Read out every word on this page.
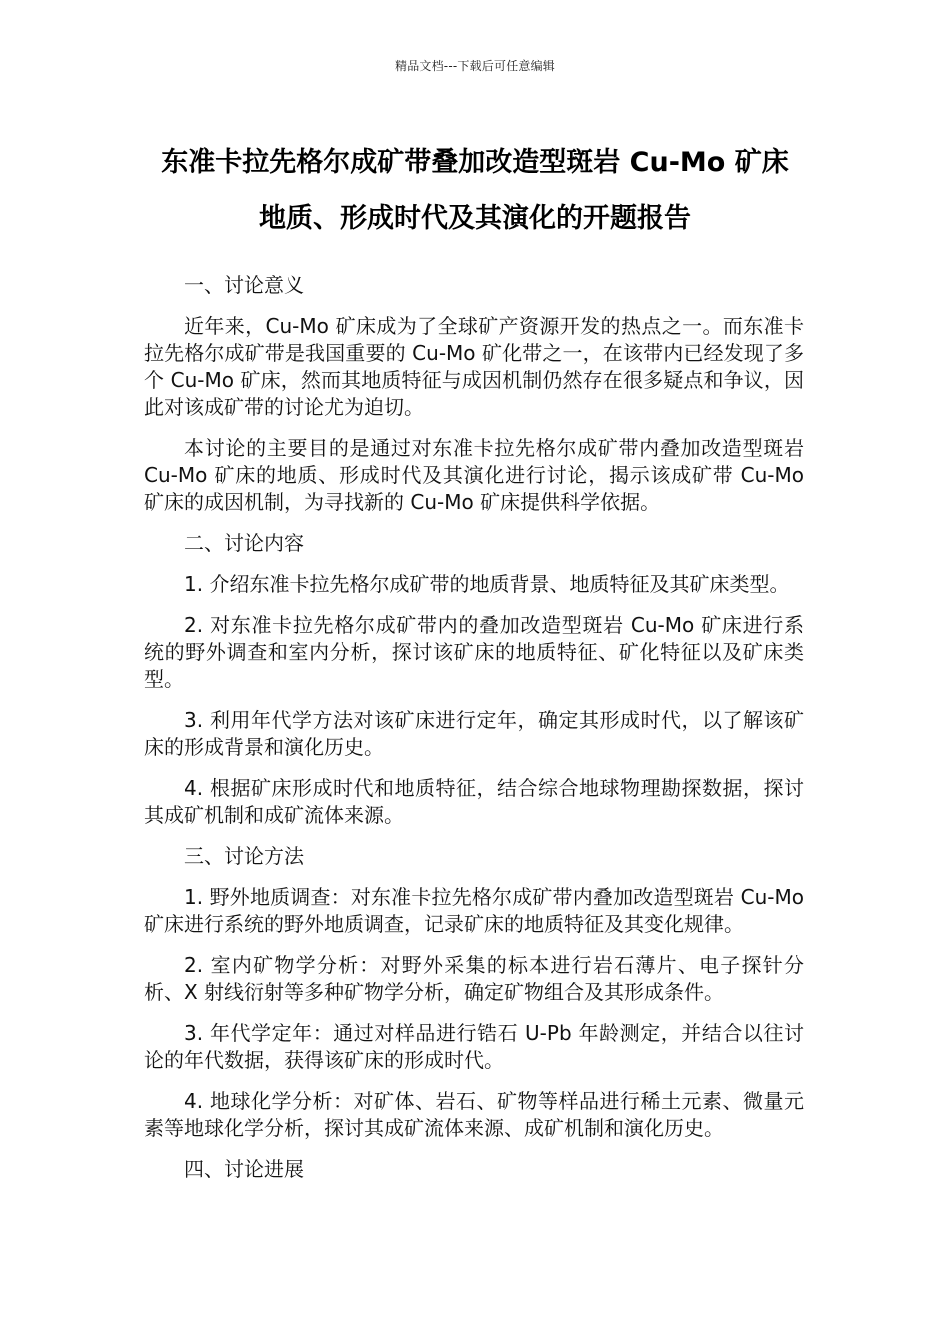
精品文档---下载后可任意编辑
东准卡拉先格尔成矿带叠加改造型斑岩 Cu-Mo 矿床
地质、形成时代及其演化的开题报告

一、讨论意义

近年来，Cu-Mo 矿床成为了全球矿产资源开发的热点之一。而东准卡拉先格尔成矿带是我国重要的 Cu-Mo 矿化带之一，在该带内已经发现了多个 Cu-Mo 矿床，然而其地质特征与成因机制仍然存在很多疑点和争议，因此对该成矿带的讨论尤为迫切。

本讨论的主要目的是通过对东准卡拉先格尔成矿带内叠加改造型斑岩 Cu-Mo 矿床的地质、形成时代及其演化进行讨论，揭示该成矿带 Cu-Mo 矿床的成因机制，为寻找新的 Cu-Mo 矿床提供科学依据。

二、讨论内容

1. 介绍东准卡拉先格尔成矿带的地质背景、地质特征及其矿床类型。

2. 对东准卡拉先格尔成矿带内的叠加改造型斑岩 Cu-Mo 矿床进行系统的野外调查和室内分析，探讨该矿床的地质特征、矿化特征以及矿床类型。

3. 利用年代学方法对该矿床进行定年，确定其形成时代，以了解该矿床的形成背景和演化历史。

4. 根据矿床形成时代和地质特征，结合综合地球物理勘探数据，探讨其成矿机制和成矿流体来源。

三、讨论方法

1. 野外地质调查：对东准卡拉先格尔成矿带内叠加改造型斑岩 Cu-Mo 矿床进行系统的野外地质调查，记录矿床的地质特征及其变化规律。

2. 室内矿物学分析：对野外采集的标本进行岩石薄片、电子探针分析、X 射线衍射等多种矿物学分析，确定矿物组合及其形成条件。

3. 年代学定年：通过对样品进行锆石 U-Pb 年龄测定，并结合以往讨论的年代数据，获得该矿床的形成时代。

4. 地球化学分析：对矿体、岩石、矿物等样品进行稀土元素、微量元素等地球化学分析，探讨其成矿流体来源、成矿机制和演化历史。

四、讨论进展
